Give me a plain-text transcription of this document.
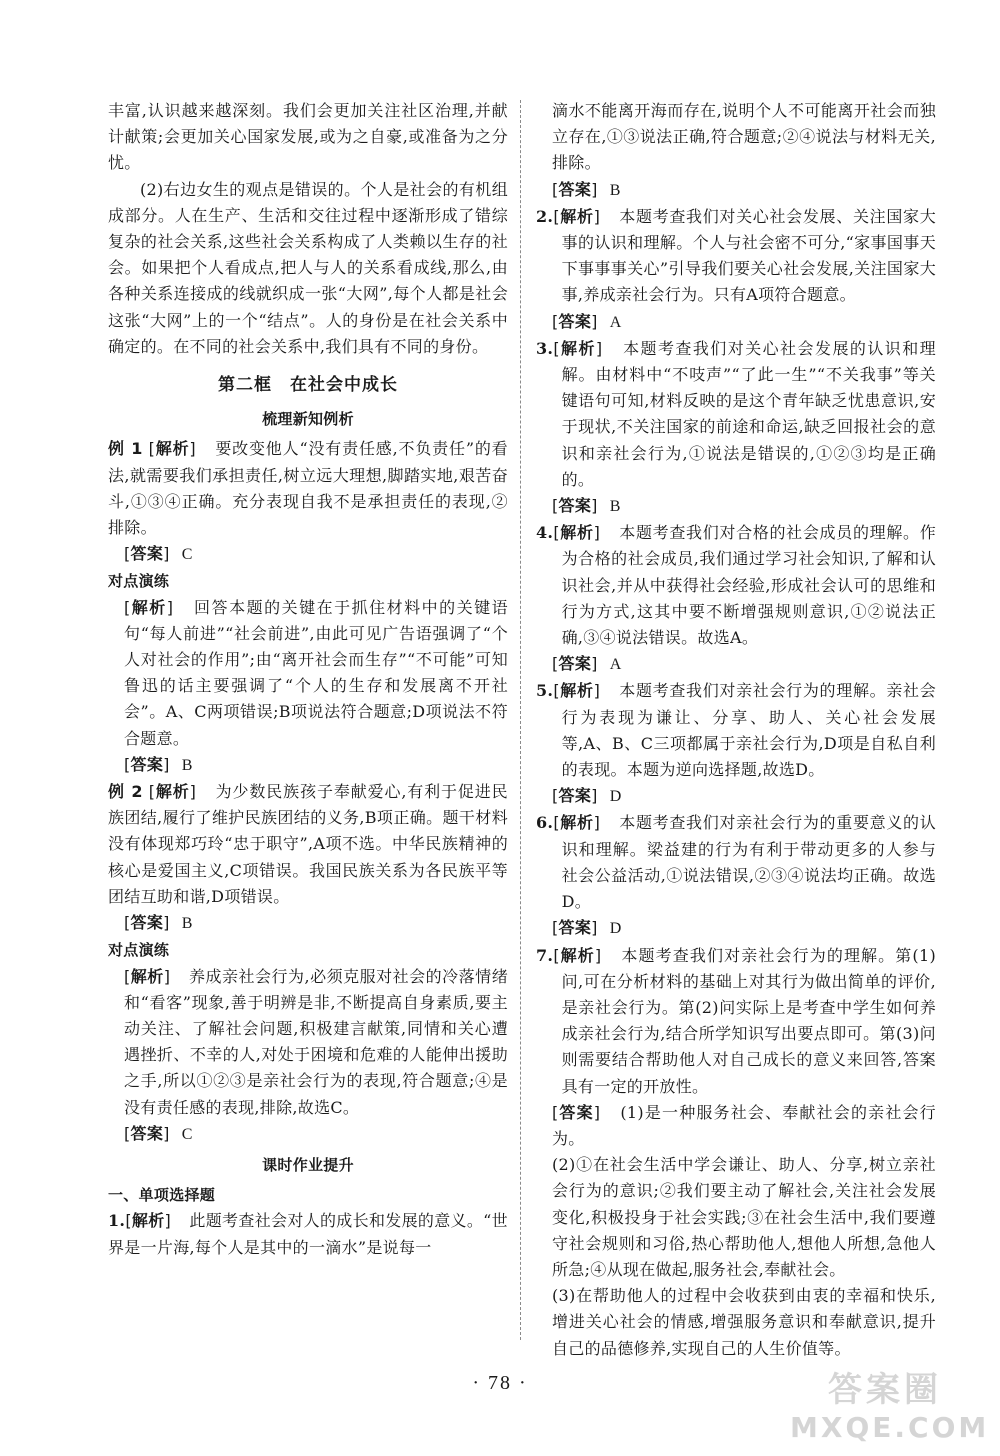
丰富,认识越来越深刻。我们会更加关注社区治理,并献计献策;会更加关心国家发展,或为之自豪,或准备为之分忧。

(2)右边女生的观点是错误的。个人是社会的有机组成部分。人在生产、生活和交往过程中逐渐形成了错综复杂的社会关系,这些社会关系构成了人类赖以生存的社会。如果把个人看成点,把人与人的关系看成线,那么,由各种关系连接成的线就织成一张“大网”,每个人都是社会这张“大网”上的一个“结点”。人的身份是在社会关系中确定的。在不同的社会关系中,我们具有不同的身份。

第二框　在社会中成长
梳理新知例析

例 1 [ 解析 ]　 要改变他人“没有责任感,不负责任”的看法,就需要我们承担责任,树立远大理想,脚踏实地,艰苦奋斗,①③④正确。充分表现自我不是承担责任的表现,②排除。

[ 答案 ] C

对点演练

[ 解析 ]　 回答本题的关键在于抓住材料中的关键语句“每人前进”“社会前进”,由此可见广告语强调了“个人对社会的作用”;由“离开社会而生存”“不可能”可知鲁迅的话主要强调了“个人的生存和发展离不开社会”。A、C两项错误;B项说法符合题意;D项说法不符合题意。

[ 答案 ] B

例 2 [ 解析 ]　 为少数民族孩子奉献爱心,有利于促进民族团结,履行了维护民族团结的义务,B项正确。题干材料没有体现郑巧玲“忠于职守”,A项不选。中华民族精神的核心是爱国主义,C项错误。我国民族关系为各民族平等团结互助和谐,D项错误。

[ 答案 ] B

对点演练

[ 解析 ]　 养成亲社会行为,必须克服对社会的冷落情绪和“看客”现象,善于明辨是非,不断提高自身素质,要主动关注、了解社会问题,积极建言献策,同情和关心遭遇挫折、不幸的人,对处于困境和危难的人能伸出援助之手,所以①②③是亲社会行为的表现,符合题意;④是没有责任感的表现,排除,故选C。

[ 答案 ] C

课时作业提升
一、单项选择题

1. [ 解析 ]　 此题考查社会对人的成长和发展的意义。“世界是一片海,每个人是其中的一滴水”是说每一

滴水不能离开海而存在,说明个人不可能离开社会而独立存在,①③说法正确,符合题意;②④说法与材料无关,排除。

[ 答案 ] B

2. [ 解析 ]　 本题考查我们对关心社会发展、关注国家大事的认识和理解。个人与社会密不可分,“家事国事天下事事事关心”引导我们要关心社会发展,关注国家大事,养成亲社会行为。只有A项符合题意。

[ 答案 ] A

3. [ 解析 ]　 本题考查我们对关心社会发展的认识和理解。由材料中“不吱声”“了此一生”“不关我事”等关键语句可知,材料反映的是这个青年缺乏忧患意识,安于现状,不关注国家的前途和命运,缺乏回报社会的意识和亲社会行为,①说法是错误的,①②③均是正确的。

[ 答案 ] B

4. [ 解析 ]　 本题考查我们对合格的社会成员的理解。作为合格的社会成员,我们通过学习社会知识,了解和认识社会,并从中获得社会经验,形成社会认可的思维和行为方式,这其中要不断增强规则意识,①②说法正确,③④说法错误。故选A。

[ 答案 ] A

5. [ 解析 ]　 本题考查我们对亲社会行为的理解。亲社会行为表现为谦让、分享、助人、关心社会发展等,A、B、C三项都属于亲社会行为,D项是自私自利的表现。本题为逆向选择题,故选D。

[ 答案 ] D

6. [ 解析 ]　 本题考查我们对亲社会行为的重要意义的认识和理解。梁益建的行为有利于带动更多的人参与社会公益活动,①说法错误,②③④说法均正确。故选D。

[ 答案 ] D

7. [ 解析 ]　 本题考查我们对亲社会行为的理解。第(1)问,可在分析材料的基础上对其行为做出简单的评价,是亲社会行为。第(2)问实际上是考查中学生如何养成亲社会行为,结合所学知识写出要点即可。第(3)问则需要结合帮助他人对自己成长的意义来回答,答案具有一定的开放性。

[ 答案 ]　 (1)是一种服务社会、奉献社会的亲社会行为。

(2)①在社会生活中学会谦让、助人、分享,树立亲社会行为的意识;②我们要主动了解社会,关注社会发展变化,积极投身于社会实践;③在社会生活中,我们要遵守社会规则和习俗,热心帮助他人,想他人所想,急他人所急;④从现在做起,服务社会,奉献社会。

(3)在帮助他人的过程中会收获到由衷的幸福和快乐,增进关心社会的情感,增强服务意识和奉献意识,提升自己的品德修养,实现自己的人生价值等。

· 78 ·	答案圈
MXQE.COM
